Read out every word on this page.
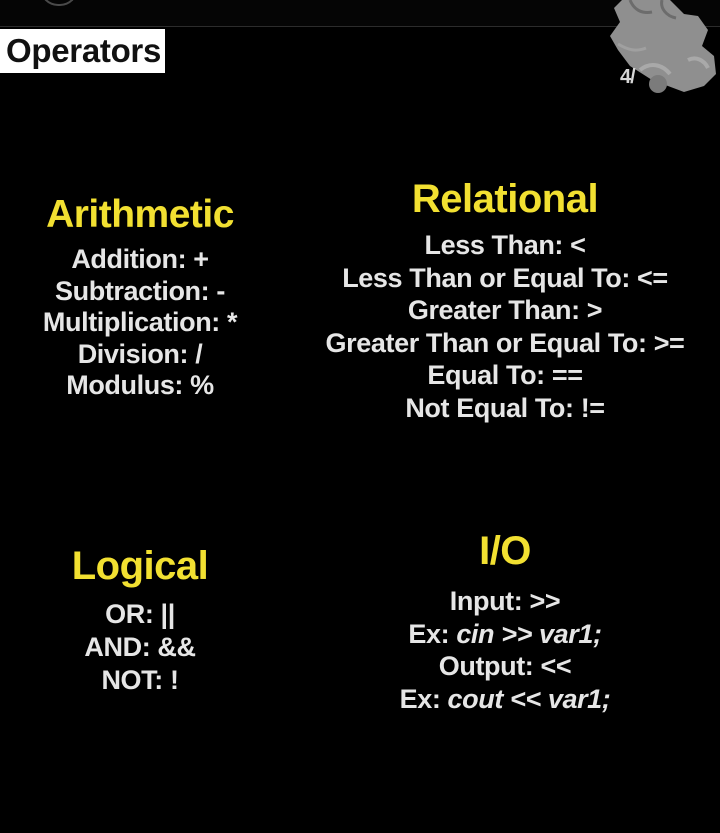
Operators
4/
Arithmetic
Addition: +
Subtraction: -
Multiplication: *
Division: /
Modulus: %
Relational
Less Than: <
Less Than or Equal To: <=
Greater Than: >
Greater Than or Equal To: >=
Equal To: ==
Not Equal To: !=
Logical
OR: ||
AND: &&
NOT: !
I/O
Input: >>
Ex: cin >> var1;
Output: <<
Ex: cout << var1;
